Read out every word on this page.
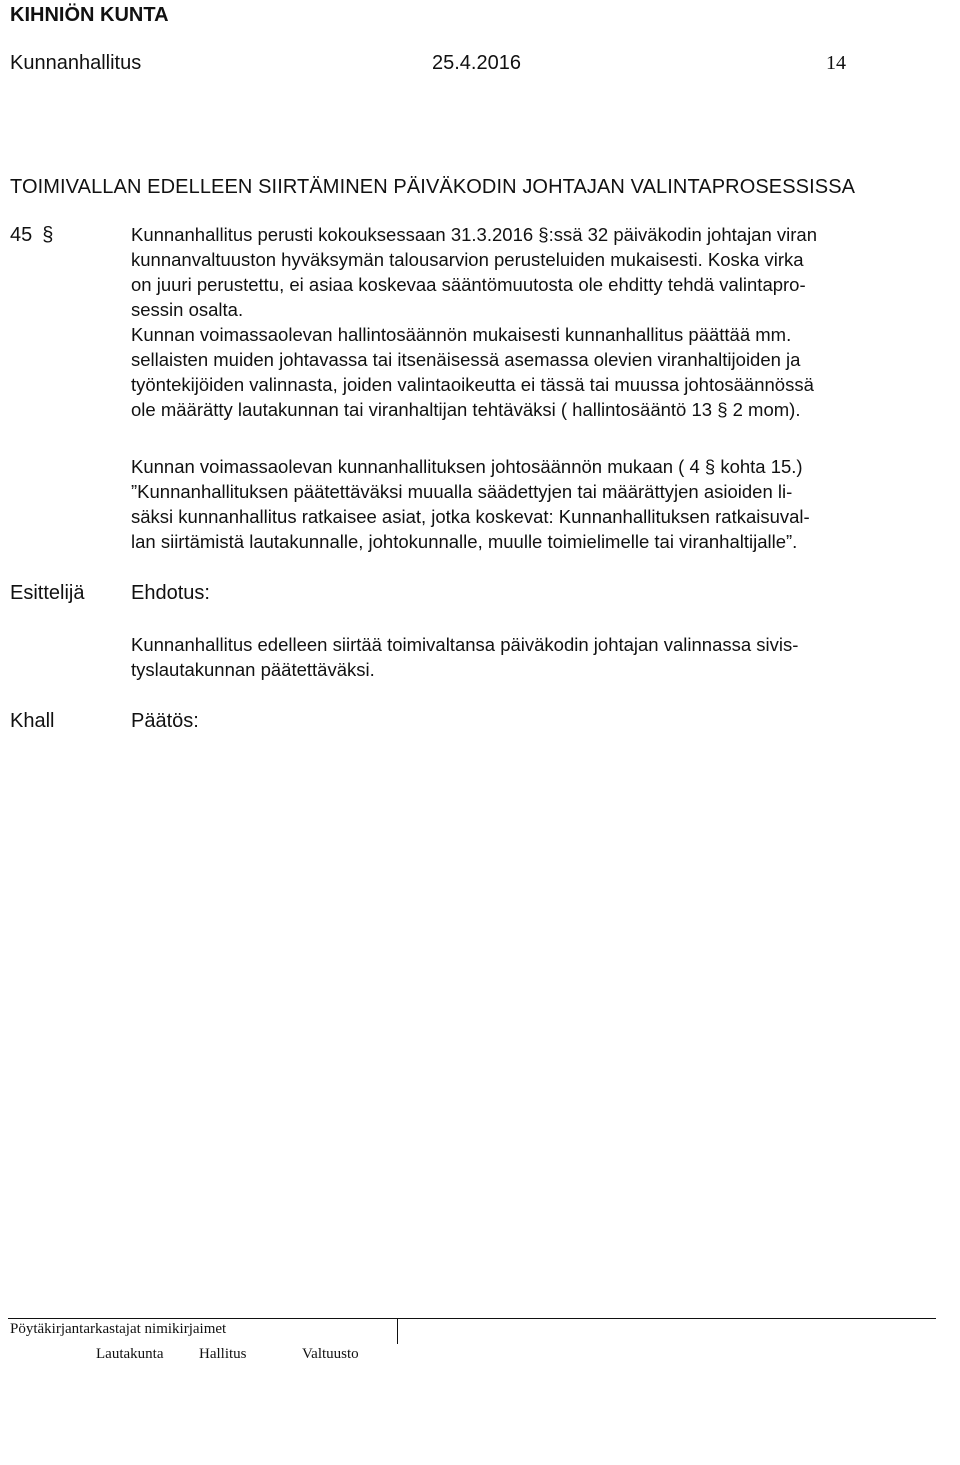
KIHNIÖN KUNTA
Kunnanhallitus	25.4.2016	14
TOIMIVALLAN EDELLEEN SIIRTÄMINEN PÄIVÄKODIN JOHTAJAN VALINTAPROSESSISSA
45 §	Kunnanhallitus perusti kokouksessaan 31.3.2016 §:ssä 32 päiväkodin johtajan viran
kunnanvaltuuston hyväksymän talousarvion perusteluiden mukaisesti. Koska virka
on juuri perustettu, ei asiaa koskevaa sääntömuutosta ole ehditty tehdä valintapro-
sessin osalta.
Kunnan voimassaolevan hallintosäännön mukaisesti kunnanhallitus päättää mm.
sellaisten muiden johtavassa tai itsenäisessä asemassa olevien viranhaltijoiden ja
työntekijöiden valinnasta, joiden valintaoikeutta ei tässä tai muussa johtosäännössä
ole määrätty lautakunnan tai viranhaltijan tehtäväksi ( hallintosääntö 13 § 2 mom).
Kunnan voimassaolevan kunnanhallituksen johtosäännön mukaan ( 4 § kohta 15.)
”Kunnanhallituksen päätettäväksi muualla säädettyjen tai määrättyjen asioiden li-
säksi kunnanhallitus ratkaisee asiat, jotka koskevat: Kunnanhallituksen ratkaisuval-
lan siirtämistä lautakunnalle, johtokunnalle, muulle toimielimelle tai viranhaltijalle”.
Esittelijä Ehdotus:
Kunnanhallitus edelleen siirtää toimivaltansa päiväkodin johtajan valinnassa sivis-
tyslautakunnan päätettäväksi.
Khall	Päätös:
Pöytäkirjantarkastajat nimikirjaimet
Lautakunta Hallitus	Valtuusto
